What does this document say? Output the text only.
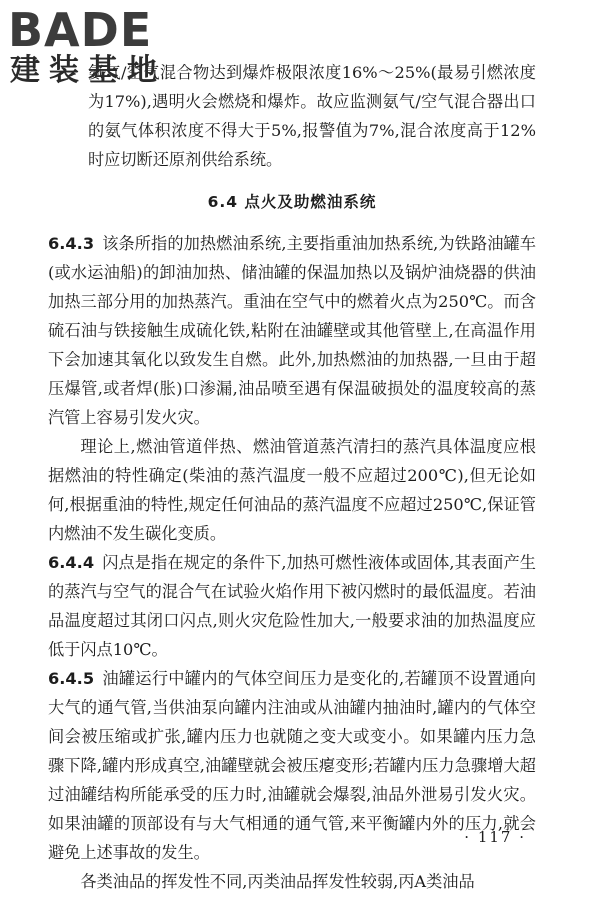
BADE
建装基地

氨气/空气混合物达到爆炸极限浓度16%～25%(最易引燃浓度为17%),遇明火会燃烧和爆炸。故应监测氨气/空气混合器出口的氨气体积浓度不得大于5%,报警值为7%,混合浓度高于12%时应切断还原剂供给系统。

6.4 点火及助燃油系统

6.4.3 该条所指的加热燃油系统,主要指重油加热系统,为铁路油罐车(或水运油船)的卸油加热、储油罐的保温加热以及锅炉油烧器的供油加热三部分用的加热蒸汽。重油在空气中的燃着火点为250℃。而含硫石油与铁接触生成硫化铁,粘附在油罐壁或其他管壁上,在高温作用下会加速其氧化以致发生自燃。此外,加热燃油的加热器,一旦由于超压爆管,或者焊(胀)口渗漏,油品喷至遇有保温破损处的温度较高的蒸汽管上容易引发火灾。

理论上,燃油管道伴热、燃油管道蒸汽清扫的蒸汽具体温度应根据燃油的特性确定(柴油的蒸汽温度一般不应超过200℃),但无论如何,根据重油的特性,规定任何油品的蒸汽温度不应超过250℃,保证管内燃油不发生碳化变质。

6.4.4 闪点是指在规定的条件下,加热可燃性液体或固体,其表面产生的蒸汽与空气的混合气在试验火焰作用下被闪燃时的最低温度。若油品温度超过其闭口闪点,则火灾危险性加大,一般要求油的加热温度应低于闪点10℃。

6.4.5 油罐运行中罐内的气体空间压力是变化的,若罐顶不设置通向大气的通气管,当供油泵向罐内注油或从油罐内抽油时,罐内的气体空间会被压缩或扩张,罐内压力也就随之变大或变小。如果罐内压力急骤下降,罐内形成真空,油罐壁就会被压瘪变形;若罐内压力急骤增大超过油罐结构所能承受的压力时,油罐就会爆裂,油品外泄易引发火灾。如果油罐的顶部设有与大气相通的通气管,来平衡罐内外的压力,就会避免上述事故的发生。

各类油品的挥发性不同,丙类油品挥发性较弱,丙A类油品

· 117 ·
